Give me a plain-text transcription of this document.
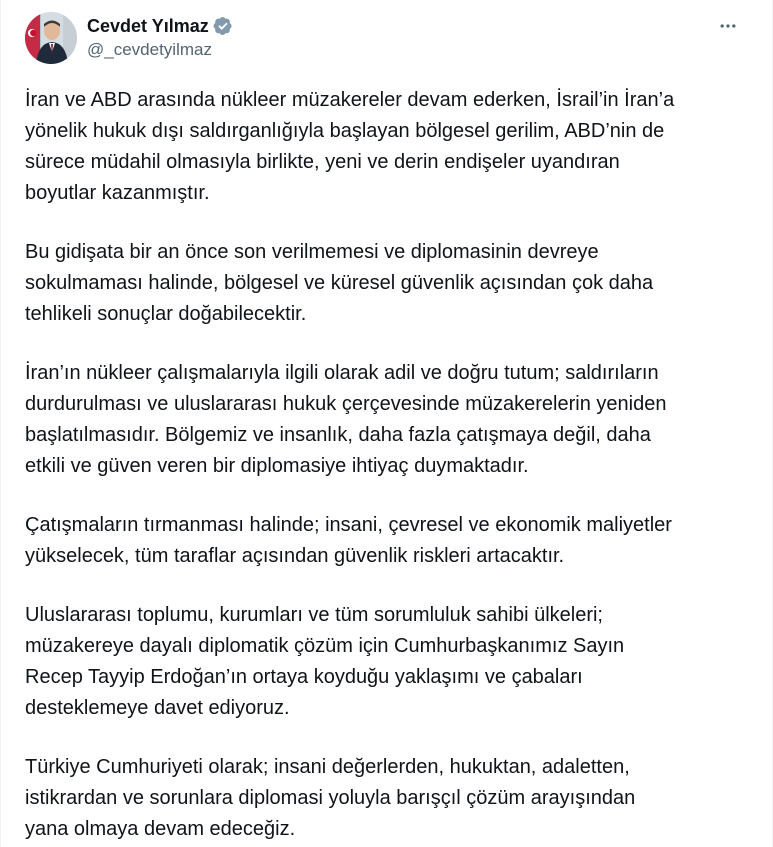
Cevdet Yılmaz
@_cevdetyilmaz

İran ve ABD arasında nükleer müzakereler devam ederken, İsrail’in İran’a
yönelik hukuk dışı saldırganlığıyla başlayan bölgesel gerilim, ABD’nin de
sürece müdahil olmasıyla birlikte, yeni ve derin endişeler uyandıran
boyutlar kazanmıştır.

Bu gidişata bir an önce son verilmemesi ve diplomasinin devreye
sokulmaması halinde, bölgesel ve küresel güvenlik açısından çok daha
tehlikeli sonuçlar doğabilecektir.

İran’ın nükleer çalışmalarıyla ilgili olarak adil ve doğru tutum; saldırıların
durdurulması ve uluslararası hukuk çerçevesinde müzakerelerin yeniden
başlatılmasıdır. Bölgemiz ve insanlık, daha fazla çatışmaya değil, daha
etkili ve güven veren bir diplomasiye ihtiyaç duymaktadır.

Çatışmaların tırmanması halinde; insani, çevresel ve ekonomik maliyetler
yükselecek, tüm taraflar açısından güvenlik riskleri artacaktır.

Uluslararası toplumu, kurumları ve tüm sorumluluk sahibi ülkeleri;
müzakereye dayalı diplomatik çözüm için Cumhurbaşkanımız Sayın
Recep Tayyip Erdoğan’ın ortaya koyduğu yaklaşımı ve çabaları
desteklemeye davet ediyoruz.

Türkiye Cumhuriyeti olarak; insani değerlerden, hukuktan, adaletten,
istikrardan ve sorunlara diplomasi yoluyla barışçıl çözüm arayışından
yana olmaya devam edeceğiz.
